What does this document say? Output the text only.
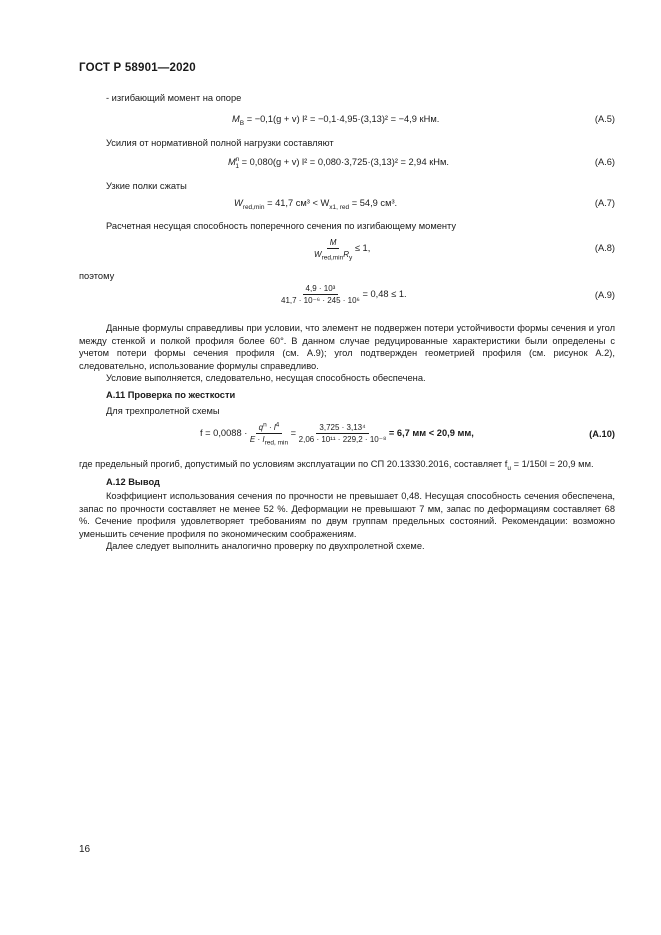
ГОСТ Р 58901—2020
- изгибающий момент на опоре
$M_B = -0,1(g + v) l^2 = -0,1\cdot 4,95\cdot(3,13)^2 = -4,9$ кНм.	(А.5)
Усилия от нормативной полной нагрузки составляют
$M^n_1 = 0,080(g + v) l^2 = 0,080\cdot 3,725\cdot(3,13)^2 = 2,94$ кНм.	(А.6)
Узкие полки сжаты
$W_{red,min} = 41,7$ $см^3 < W_{x1, red} = 54,9$ см³.	(А.7)
Расчетная несущая способность поперечного сечения по изгибающему моменту
$\frac{M}{W_{red,min}R_y} \le 1$,	(А.8)
поэтому
$\frac{\text{4,9 · 10³}}{\text{41,7 · 10⁻⁶ · 245 · 10⁶}} = 0,48 \le 1$.	(А.9)

Данные формулы справедливы при условии, что элемент не подвержен потери устойчивости формы сечения и угол между стенкой и полкой профиля более 60°. В данном случае редуцированные характеристики были определены с учетом потери формы сечения профиля (см. А.9); угол подтвержден геометрией профиля (см. рисунок А.2), следовательно, использование формулы справедливо.

Условие выполняется, следовательно, несущая способность обеспечена.

А.11 Проверка по жесткости
Для трехпролетной схемы
$f = 0,0088 \cdot \frac{q^n \cdot l^4}{E \cdot I_{red, min}} = \frac{\text{3,725 · 3,13⁴}}{\text{2,06 · 10¹¹ · 229,2 · 10⁻⁸}} = 6,7$ мм < 20,9 мм,	(А.10)
где предельный прогиб, допустимый по условиям эксплуатации по СП 20.13330.2016, составляет $f_u = 1/150l = 20,9$ мм.
А.12 Вывод

Коэффициент использования сечения по прочности не превышает 0,48. Несущая способность сечения обеспечена, запас по прочности составляет не менее 52 %. Деформации не превышают 7 мм, запас по деформациям составляет 68 %. Сечение профиля удовлетворяет требованиям по двум группам предельных состояний. Рекомендации: возможно уменьшить сечение профиля по экономическим соображениям.

Далее следует выполнить аналогично проверку по двухпролетной схеме.

16
